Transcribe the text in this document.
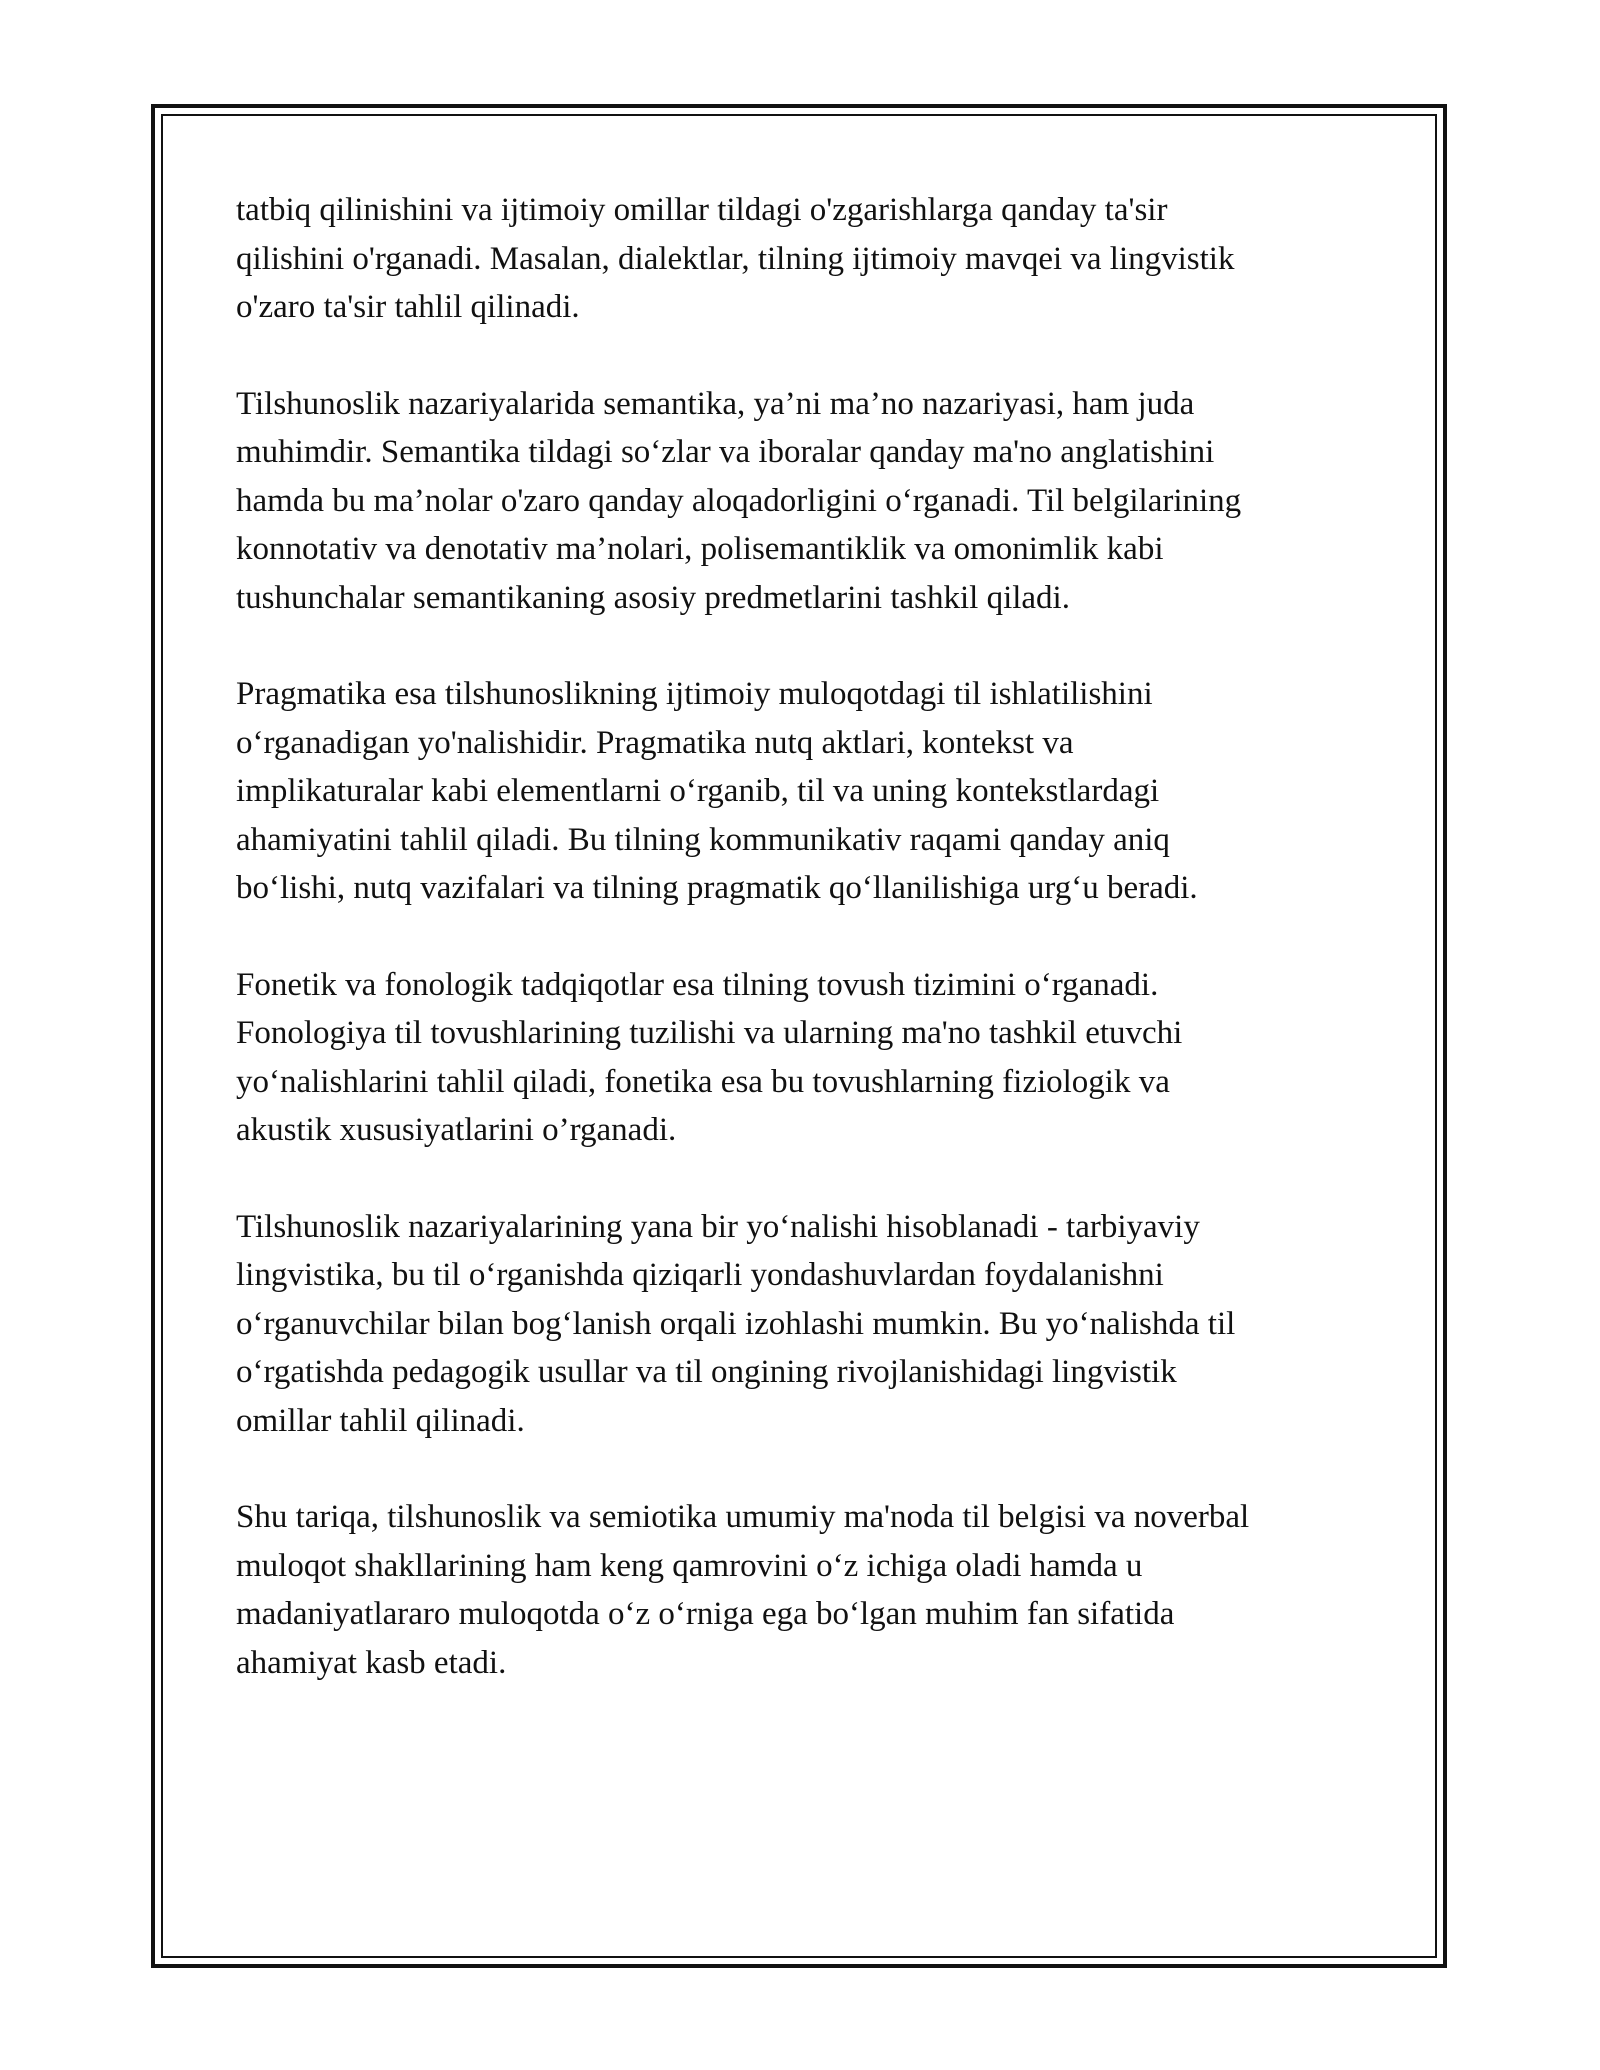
tatbiq qilinishini va ijtimoiy omillar tildagi o'zgarishlarga qanday ta'sir
qilishini o'rganadi. Masalan, dialektlar, tilning ijtimoiy mavqei va lingvistik
o'zaro ta'sir tahlil qilinadi.

Tilshunoslik nazariyalarida semantika, ya’ni ma’no nazariyasi, ham juda
muhimdir. Semantika tildagi so‘zlar va iboralar qanday ma'no anglatishini
hamda bu ma’nolar o'zaro qanday aloqadorligini o‘rganadi. Til belgilarining
konnotativ va denotativ ma’nolari, polisemantiklik va omonimlik kabi
tushunchalar semantikaning asosiy predmetlarini tashkil qiladi.

Pragmatika esa tilshunoslikning ijtimoiy muloqotdagi til ishlatilishini
o‘rganadigan yo'nalishidir. Pragmatika nutq aktlari, kontekst va
implikaturalar kabi elementlarni o‘rganib, til va uning kontekstlardagi
ahamiyatini tahlil qiladi. Bu tilning kommunikativ raqami qanday aniq
bo‘lishi, nutq vazifalari va tilning pragmatik qo‘llanilishiga urg‘u beradi.

Fonetik va fonologik tadqiqotlar esa tilning tovush tizimini o‘rganadi.
Fonologiya til tovushlarining tuzilishi va ularning ma'no tashkil etuvchi
yo‘nalishlarini tahlil qiladi, fonetika esa bu tovushlarning fiziologik va
akustik xususiyatlarini o’rganadi.

Tilshunoslik nazariyalarining yana bir yo‘nalishi hisoblanadi - tarbiyaviy
lingvistika, bu til o‘rganishda qiziqarli yondashuvlardan foydalanishni
o‘rganuvchilar bilan bog‘lanish orqali izohlashi mumkin. Bu yo‘nalishda til
o‘rgatishda pedagogik usullar va til ongining rivojlanishidagi lingvistik
omillar tahlil qilinadi.

Shu tariqa, tilshunoslik va semiotika umumiy ma'noda til belgisi va noverbal
muloqot shakllarining ham keng qamrovini o‘z ichiga oladi hamda u
madaniyatlararo muloqotda o‘z o‘rniga ega bo‘lgan muhim fan sifatida
ahamiyat kasb etadi.
